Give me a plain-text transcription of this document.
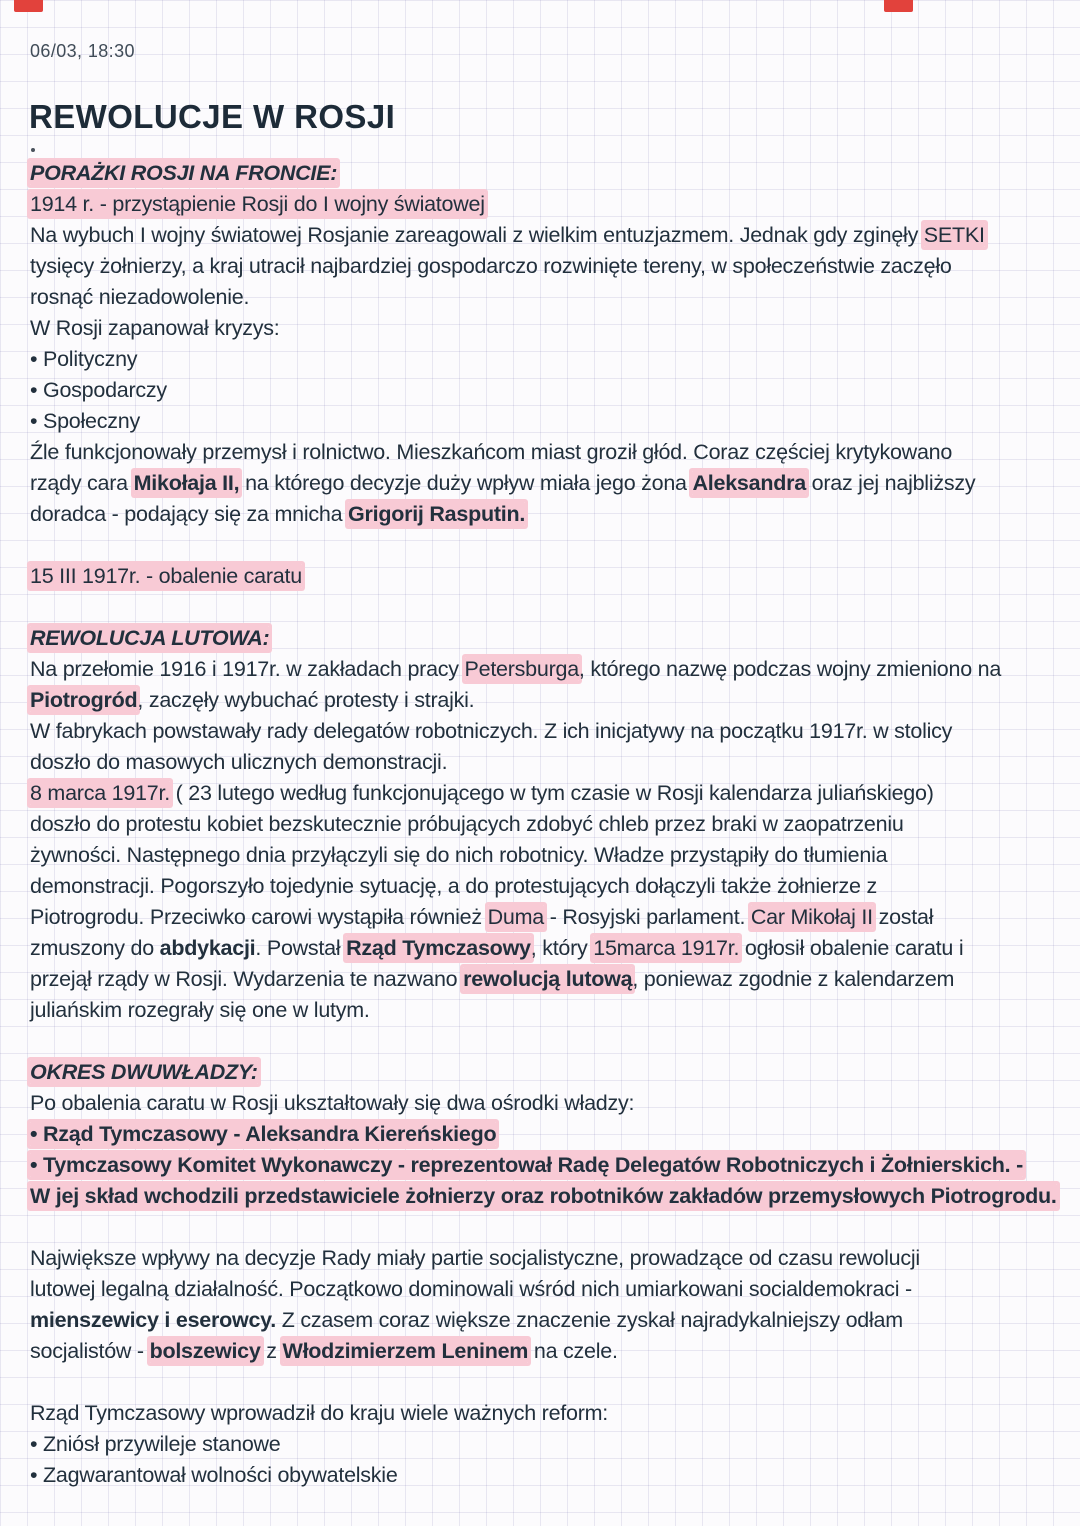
06/03, 18:30
REWOLUCJE W ROSJI
PORAŻKI ROSJI NA FRONCIE:
1914 r. - przystąpienie Rosji do I wojny światowej
Na wybuch I wojny światowej Rosjanie zareagowali z wielkim entuzjazmem. Jednak gdy zginęły SETKI
tysięcy żołnierzy, a kraj utracił najbardziej gospodarczo rozwinięte tereny, w społeczeństwie zaczęło
rosnąć niezadowolenie.
W Rosji zapanował kryzys:
• Polityczny
• Gospodarczy
• Społeczny
Źle funkcjonowały przemysł i rolnictwo. Mieszkańcom miast groził głód. Coraz częściej krytykowano
rządy cara Mikołaja II, na którego decyzje duży wpływ miała jego żona Aleksandra oraz jej najbliższy
doradca - podający się za mnicha Grigorij Rasputin.
15 III 1917r. - obalenie caratu
REWOLUCJA LUTOWA:
Na przełomie 1916 i 1917r. w zakładach pracy Petersburga, którego nazwę podczas wojny zmieniono na
Piotrogród, zaczęły wybuchać protesty i strajki.
W fabrykach powstawały rady delegatów robotniczych. Z ich inicjatywy na początku 1917r. w stolicy
doszło do masowych ulicznych demonstracji.
8 marca 1917r. ( 23 lutego według funkcjonującego w tym czasie w Rosji kalendarza juliańskiego)
doszło do protestu kobiet bezskutecznie próbujących zdobyć chleb przez braki w zaopatrzeniu
żywności. Następnego dnia przyłączyli się do nich robotnicy. Władze przystąpiły do tłumienia
demonstracji. Pogorszyło tojedynie sytuację, a do protestujących dołączyli także żołnierze z
Piotrogrodu. Przeciwko carowi wystąpiła również Duma - Rosyjski parlament. Car Mikołaj II został
zmuszony do abdykacji. Powstał Rząd Tymczasowy, który 15marca 1917r. ogłosił obalenie caratu i
przejął rządy w Rosji. Wydarzenia te nazwano rewolucją lutową, poniewaz zgodnie z kalendarzem
juliańskim rozegrały się one w lutym.
OKRES DWUWŁADZY:
Po obalenia caratu w Rosji ukształtowały się dwa ośrodki władzy:
• Rząd Tymczasowy - Aleksandra Kiereńskiego
• Tymczasowy Komitet Wykonawczy - reprezentował Radę Delegatów Robotniczych i Żołnierskich. -
W jej skład wchodzili przedstawiciele żołnierzy oraz robotników zakładów przemysłowych Piotrogrodu.
Największe wpływy na decyzje Rady miały partie socjalistyczne, prowadzące od czasu rewolucji
lutowej legalną działalność. Początkowo dominowali wśród nich umiarkowani socialdemokraci -
mienszewicy i eserowcy. Z czasem coraz większe znaczenie zyskał najradykalniejszy odłam
socjalistów - bolszewicy z Włodzimierzem Leninem na czele.
Rząd Tymczasowy wprowadził do kraju wiele ważnych reform:
• Zniósł przywileje stanowe
• Zagwarantował wolności obywatelskie
